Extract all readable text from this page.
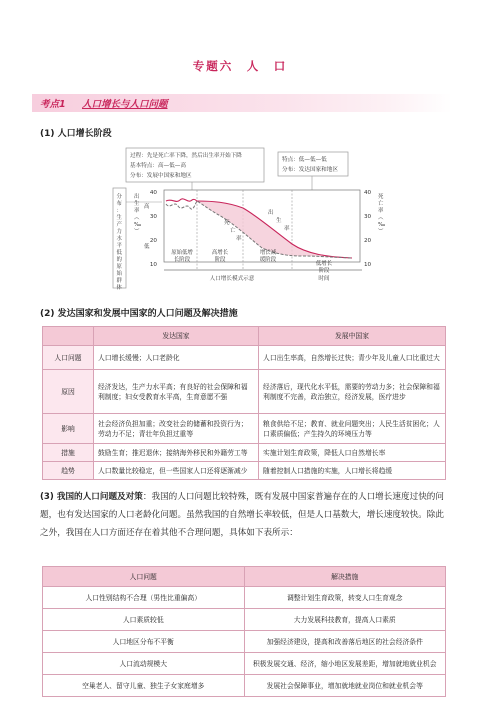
专题六　人　口
考点1 人口增长与人口问题
(1) 人口增长阶段
过程：先是死亡率下降，然后出生率开始下降
基本特点：高—低—高
分布：发展中国家和地区
特点：低—低—低
分布：发达国家和地区
分布： 生产力 水平低 的原始 群体
40
30
20
10
40
30
20
10
出生率 ︵ ‰ ︶
高低
死亡率 ︵ ‰ ︶
死亡率
出生率
原始低增长阶段
高增长阶段
增长减缓阶段
低增长阶段
人口增长模式示意	时间
(2) 发达国家和发展中国家的人口问题及解决措施
	发达国家	发展中国家
人口问题	人口增长缓慢；人口老龄化	人口出生率高，自然增长过快；青少年及儿童人口比重过大
原因	经济发达，生产力水平高；有良好的社会保障和福利制度；妇女受教育水平高，生育意愿不强	经济落后，现代化水平低，需要的劳动力多；社会保障和福利制度不完善，政治独立，经济发展，医疗进步
影响	社会经济负担加重；改变社会的储蓄和投资行为；劳动力不足；青壮年负担过重等	粮食供给不足；教育、就业问题突出；人民生活贫困化；人口素质偏低；产生持久的环境压力等
措施	鼓励生育；推迟退休；接纳海外移民和外籍劳工等	实施计划生育政策，降低人口自然增长率
趋势	人口数量比较稳定，但一些国家人口还将逐渐减少	随着控制人口措施的实施，人口增长将趋缓
(3) 我国的人口问题及对策：我国的人口问题比较特殊，既有发展中国家普遍存在的人口增长速度过快的问题，也有发达国家的人口老龄化问题。虽然我国的自然增长率较低，但是人口基数大，增长速度较快。除此之外，我国在人口方面还存在着其他不合理问题，具体如下表所示：
人口问题	解决措施
人口性别结构不合理（男性比重偏高）	调整计划生育政策，转变人口生育观念
人口素质较低	大力发展科技教育，提高人口素质
人口地区分布不平衡	加强经济建设，提高和改善落后地区的社会经济条件
人口流动规模大	积极发展交通、经济，缩小地区发展差距，增加就地就业机会
空巢老人、留守儿童、独生子女家庭增多	发展社会保障事业，增加就地就业岗位和就业机会等
